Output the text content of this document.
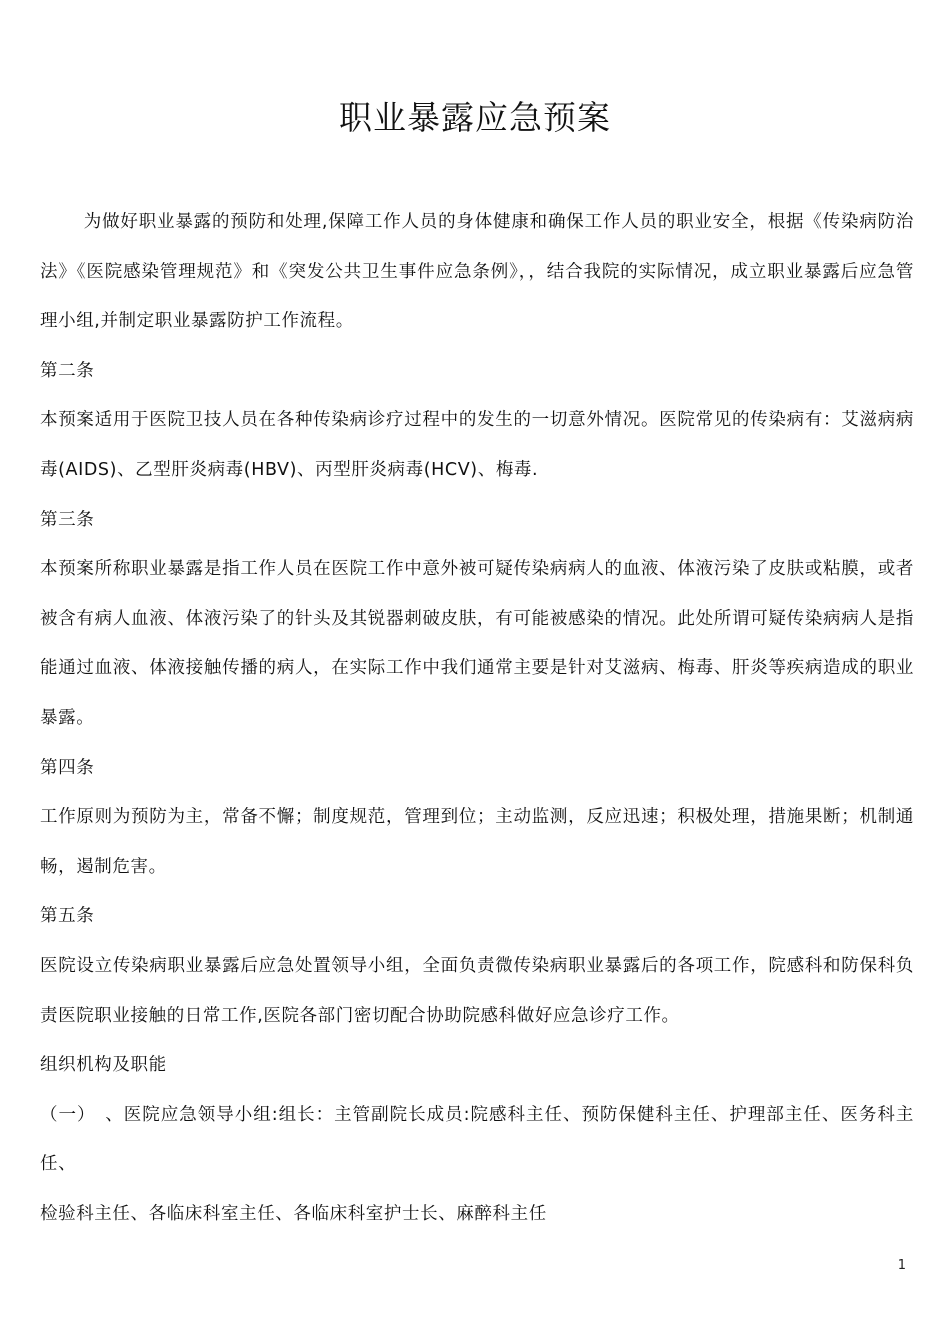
职业暴露应急预案

为做好职业暴露的预防和处理,保障工作人员的身体健康和确保工作人员的职业安全，根据《传染病防治法》《医院感染管理规范》和《突发公共卫生事件应急条例》，，结合我院的实际情况，成立职业暴露后应急管理小组,并制定职业暴露防护工作流程。

第二条

本预案适用于医院卫技人员在各种传染病诊疗过程中的发生的一切意外情况。医院常见的传染病有：艾滋病病毒(AIDS)、乙型肝炎病毒(HBV)、丙型肝炎病毒(HCV)、梅毒.

第三条

本预案所称职业暴露是指工作人员在医院工作中意外被可疑传染病病人的血液、体液污染了皮肤或粘膜，或者被含有病人血液、体液污染了的针头及其锐器刺破皮肤，有可能被感染的情况。此处所谓可疑传染病病人是指能通过血液、体液接触传播的病人，在实际工作中我们通常主要是针对艾滋病、梅毒、肝炎等疾病造成的职业暴露。

第四条

工作原则为预防为主，常备不懈；制度规范，管理到位；主动监测，反应迅速；积极处理，措施果断；机制通畅，遏制危害。

第五条

医院设立传染病职业暴露后应急处置领导小组，全面负责微传染病职业暴露后的各项工作，院感科和防保科负责医院职业接触的日常工作,医院各部门密切配合协助院感科做好应急诊疗工作。

组织机构及职能

（一）　、医院应急领导小组:组长：主管副院长成员:院感科主任、预防保健科主任、护理部主任、医务科主任、

检验科主任、各临床科室主任、各临床科室护士长、麻醉科主任

1
